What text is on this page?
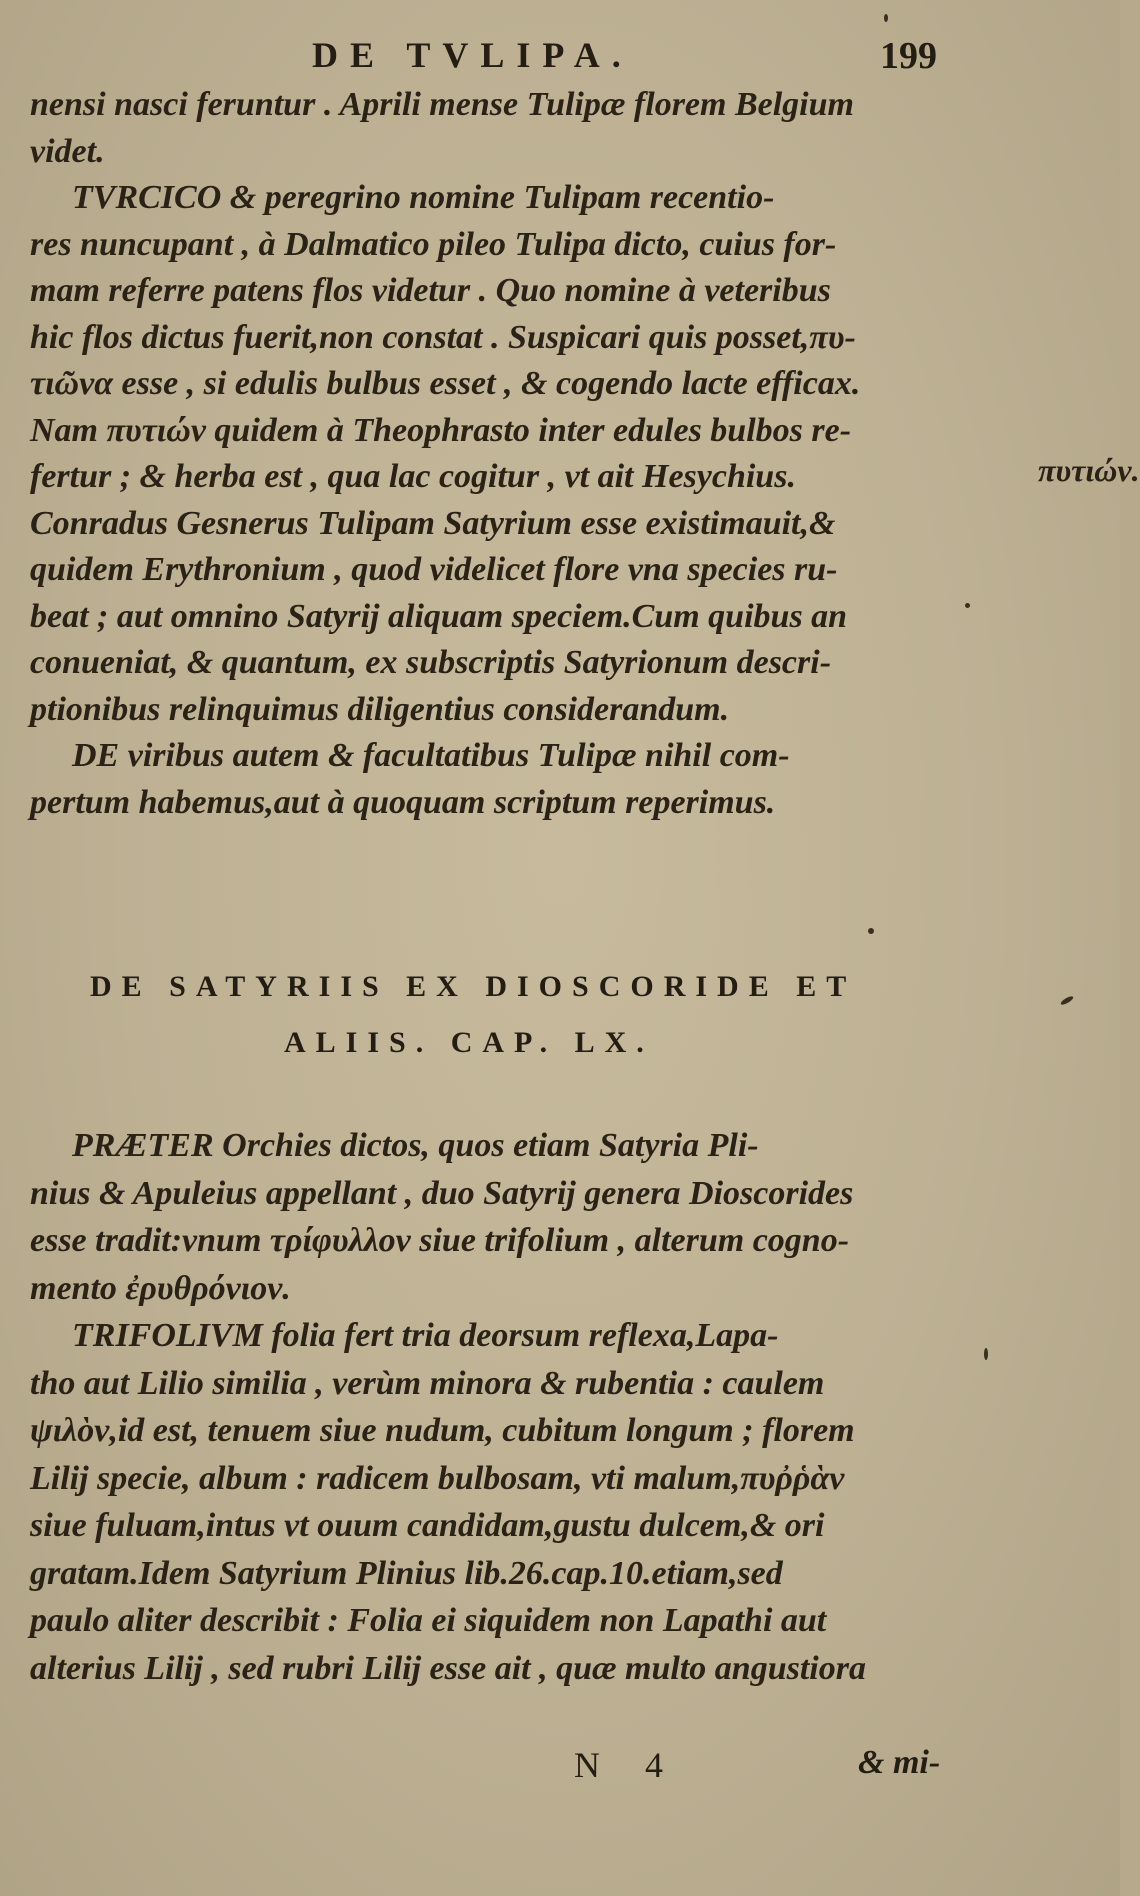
DE TVLIPA.	199
nensi nasci feruntur . Aprili mense Tulipæ florem Belgium
videt.
TVRCICO & peregrino nomine Tulipam recentio-
res nuncupant , à Dalmatico pileo Tulipa dicto, cuius for-
mam referre patens flos videtur . Quo nomine à veteribus
hic flos dictus fuerit,non constat . Suspicari quis posset,πυ-
τιῶνα esse , si edulis bulbus esset , & cogendo lacte efficax.
Nam πυτιών quidem à Theophrasto inter edules bulbos re-
fertur ; & herba est , qua lac cogitur , vt ait Hesychius.
Conradus Gesnerus Tulipam Satyrium esse existimauit,&
quidem Erythronium , quod videlicet flore vna species ru-
beat ; aut omnino Satyrij aliquam speciem.Cum quibus an
conueniat, & quantum, ex subscriptis Satyrionum descri-
ptionibus relinquimus diligentius considerandum.
DE viribus autem & facultatibus Tulipæ nihil com-
pertum habemus,aut à quoquam scriptum reperimus.
πυτιών.
DE SATYRIIS EX DIOSCORIDE ET
ALIIS. CAP. LX.
PRÆTER Orchies dictos, quos etiam Satyria Pli-
nius & Apuleius appellant , duo Satyrij genera Dioscorides
esse tradit:vnum τρίφυλλον siue trifolium , alterum cogno-
mento ἐρυθρόνιον.
TRIFOLIVM folia fert tria deorsum reflexa,Lapa-
tho aut Lilio similia , verùm minora & rubentia : caulem
ψιλὸν,id est, tenuem siue nudum, cubitum longum ; florem
Lilij specie, album : radicem bulbosam, vti malum,πυῤῥὰν
siue fuluam,intus vt ouum candidam,gustu dulcem,& ori
gratam.Idem Satyrium Plinius lib.26.cap.10.etiam,sed
paulo aliter describit : Folia ei siquidem non Lapathi aut
alterius Lilij , sed rubri Lilij esse ait , quæ multo angustiora
N 4	& mi-
